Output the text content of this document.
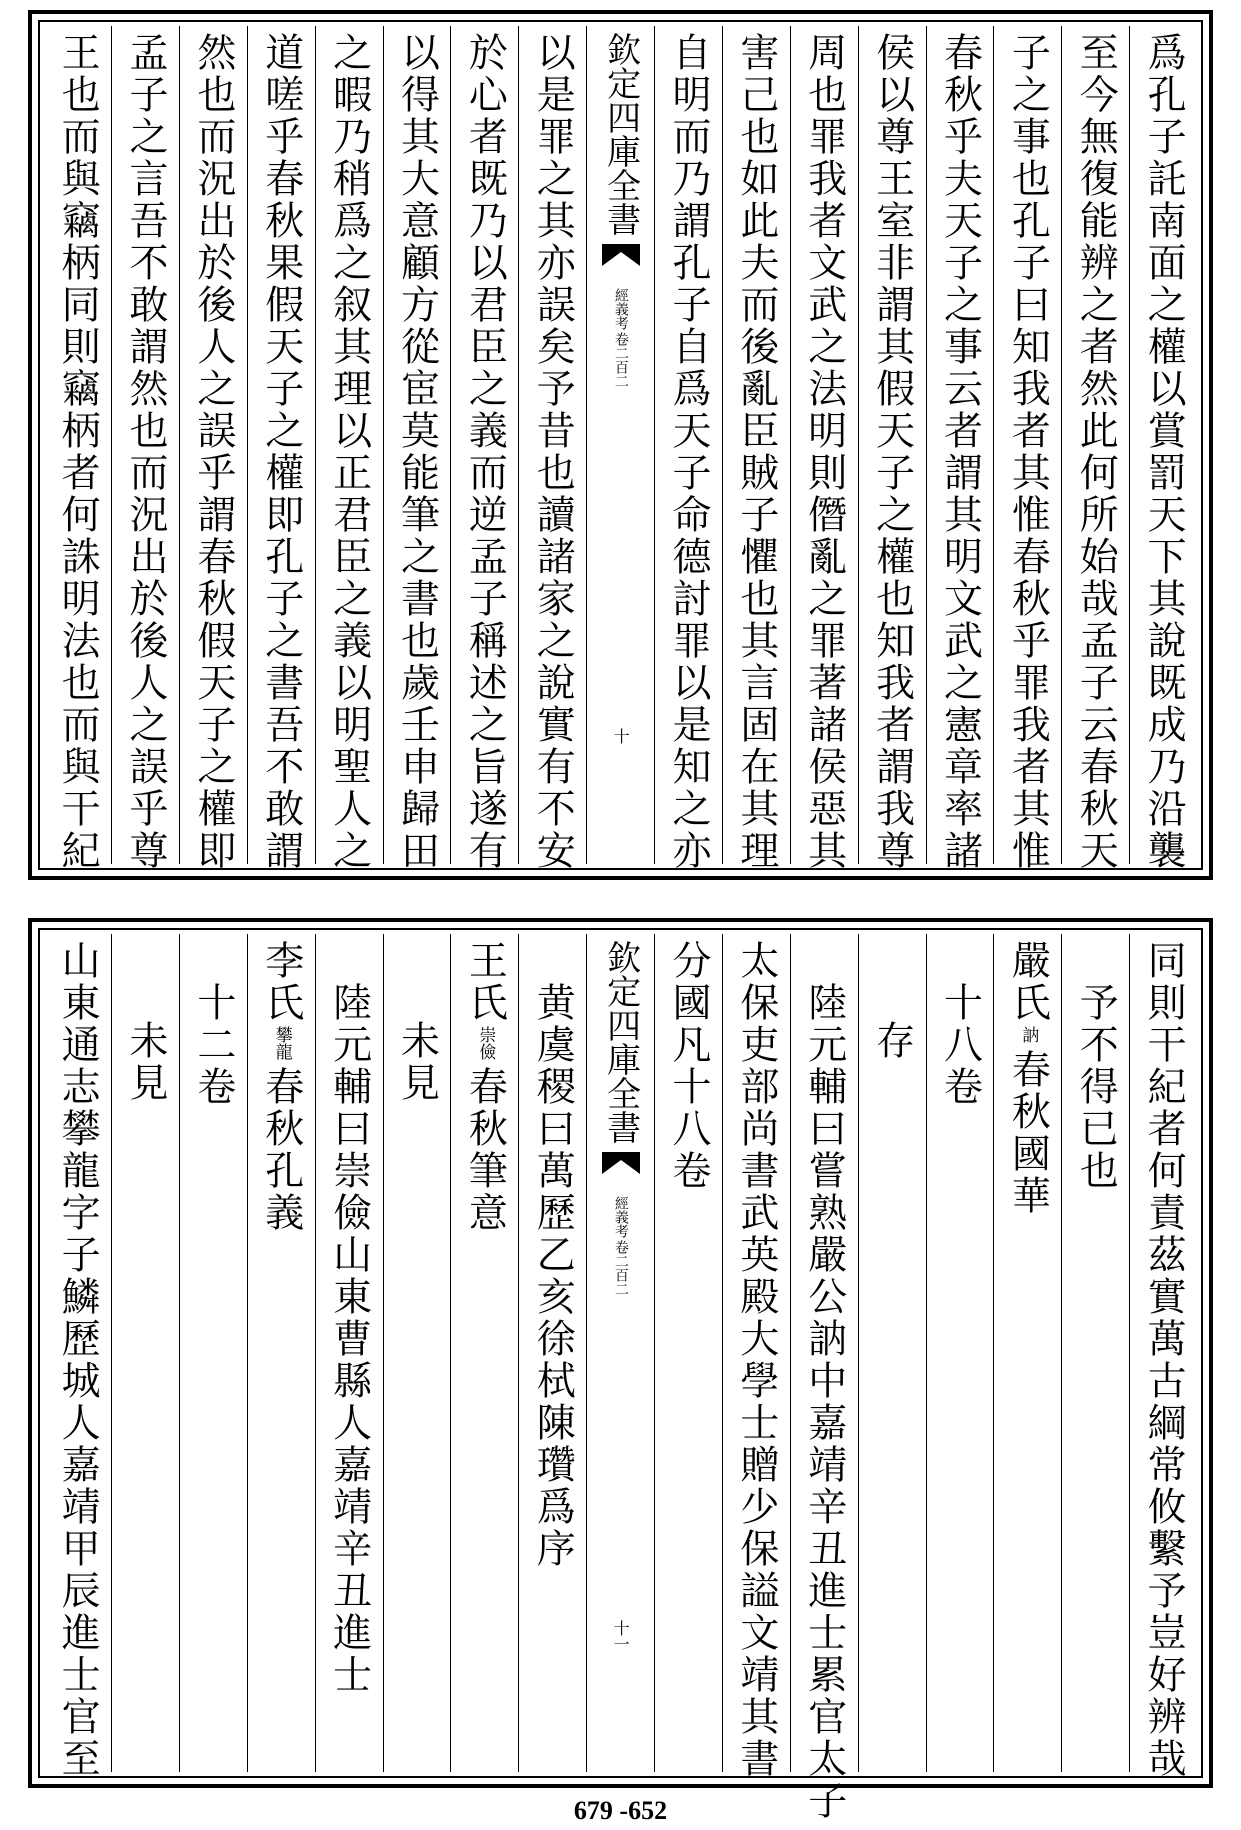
爲孔子託南面之權以賞罰天下其說既成乃沿襲
至今無復能辨之者然此何所始哉孟子云春秋天
子之事也孔子曰知我者其惟春秋乎罪我者其惟
春秋乎夫天子之事云者謂其明文武之憲章率諸
侯以尊王室非謂其假天子之權也知我者謂我尊
周也罪我者文武之法明則僭亂之罪著諸侯惡其
害己也如此夫而後亂臣賊子懼也其言固在其理
自明而乃謂孔子自爲天子命德討罪以是知之亦
欽定四庫全書
經義考
卷二百二
十
以是罪之其亦誤矣予昔也讀諸家之說實有不安
於心者既乃以君臣之義而逆孟子稱述之旨遂有
以得其大意顧方從宦莫能筆之書也歲壬申歸田
之暇乃稍爲之叙其理以正君臣之義以明聖人之
道嗟乎春秋果假天子之權即孔子之書吾不敢謂
然也而況出於後人之誤乎謂春秋假天子之權即
孟子之言吾不敢謂然也而況出於後人之誤乎尊
王也而與竊柄同則竊柄者何誅明法也而與干紀
同則干紀者何責茲實萬古綱常攸繫予豈好辨哉
予不得已也
嚴氏
訥
春秋國華
十八卷
存
陸元輔曰嘗熟嚴公訥中嘉靖辛丑進士累官太子
太保吏部尚書武英殿大學士贈少保謚文靖其書
分國凡十八卷
欽定四庫全書
經義考
卷二百二
十一
黄虞稷曰萬歷乙亥徐栻陳瓚爲序
王氏
崇儉
春秋筆意
未見
陸元輔曰崇儉山東曹縣人嘉靖辛丑進士
李氏
攀龍
春秋孔義
十二卷
未見
山東通志攀龍字子鱗歷城人嘉靖甲辰進士官至
679 -652
